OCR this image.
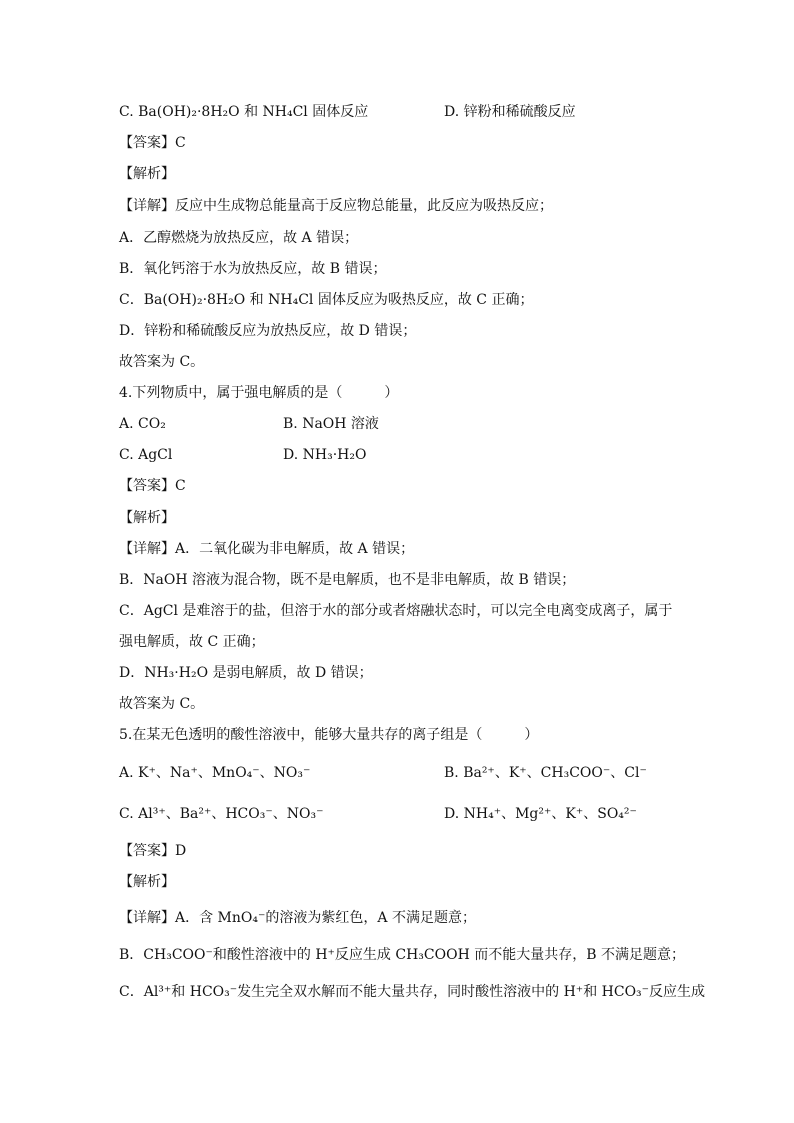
C. Ba(OH)₂·8H₂O 和 NH₄Cl 固体反应	D. 锌粉和稀硫酸反应
【答案】C
【解析】
【详解】反应中生成物总能量高于反应物总能量，此反应为吸热反应；
A．乙醇燃烧为放热反应，故 A 错误；
B．氧化钙溶于水为放热反应，故 B 错误；
C．Ba(OH)₂·8H₂O 和 NH₄Cl 固体反应为吸热反应，故 C 正确；
D．锌粉和稀硫酸反应为放热反应，故 D 错误；
故答案为 C。
4.下列物质中，属于强电解质的是（　　　）
A. CO₂	B. NaOH 溶液
C. AgCl	D. NH₃·H₂O
【答案】C
【解析】
【详解】A．二氧化碳为非电解质，故 A 错误；
B．NaOH 溶液为混合物，既不是电解质，也不是非电解质，故 B 错误；
C．AgCl 是难溶于的盐，但溶于水的部分或者熔融状态时，可以完全电离变成离子，属于
强电解质，故 C 正确；
D．NH₃·H₂O 是弱电解质，故 D 错误；
故答案为 C。
5.在某无色透明的酸性溶液中，能够大量共存的离子组是（　　　）
A. K⁺、Na⁺、MnO₄⁻、NO₃⁻	B. Ba²⁺、K⁺、CH₃COO⁻、Cl⁻
C. Al³⁺、Ba²⁺、HCO₃⁻、NO₃⁻	D. NH₄⁺、Mg²⁺、K⁺、SO₄²⁻
【答案】D
【解析】
【详解】A．含 MnO₄⁻的溶液为紫红色，A 不满足题意；
B．CH₃COO⁻和酸性溶液中的 H⁺反应生成 CH₃COOH 而不能大量共存，B 不满足题意；
C．Al³⁺和 HCO₃⁻发生完全双水解而不能大量共存，同时酸性溶液中的 H⁺和 HCO₃⁻反应生成
